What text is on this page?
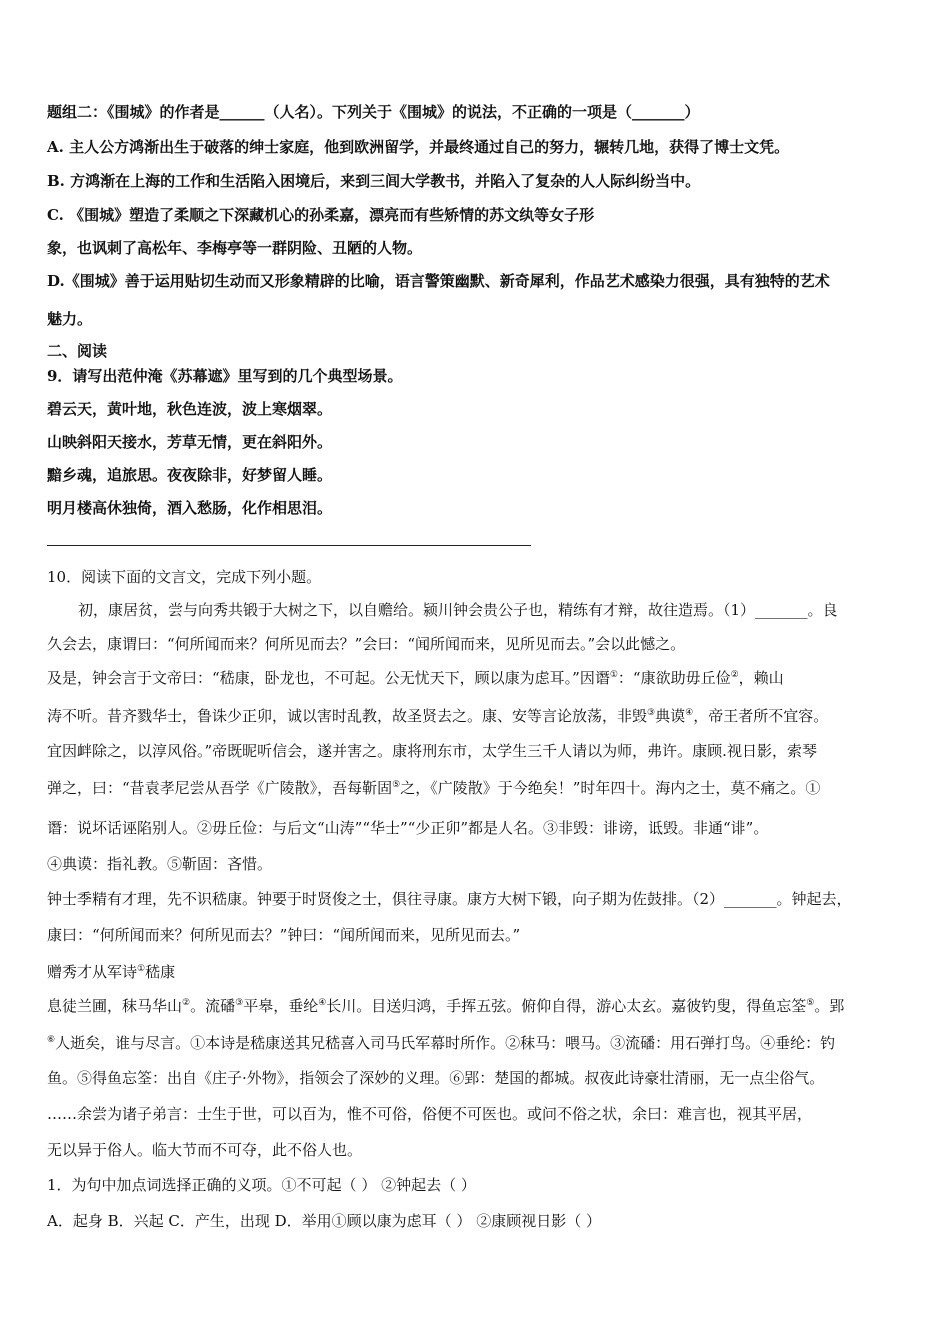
题组二：《围城》的作者是______（人名）。下列关于《围城》的说法，不正确的一项是（_______）
A. 主人公方鸿渐出生于破落的绅士家庭，他到欧洲留学，并最终通过自己的努力，辗转几地，获得了博士文凭。
B. 方鸿渐在上海的工作和生活陷入困境后，来到三闾大学教书，并陷入了复杂的人人际纠纷当中。
C. 《围城》塑造了柔顺之下深藏机心的孙柔嘉，漂亮而有些矫情的苏文纨等女子形
象，也讽刺了高松年、李梅亭等一群阴险、丑陋的人物。
D.《围城》善于运用贴切生动而又形象精辟的比喻，语言警策幽默、新奇犀利，作品艺术感染力很强，具有独特的艺术
魅力。
二、阅读
9．请写出范仲淹《苏幕遮》里写到的几个典型场景。
碧云天，黄叶地，秋色连波，波上寒烟翠。
山映斜阳天接水，芳草无情，更在斜阳外。
黯乡魂，追旅思。夜夜除非，好梦留人睡。
明月楼高休独倚，酒入愁肠，化作相思泪。
10．阅读下面的文言文，完成下列小题。
初，康居贫，尝与向秀共锻于大树之下，以自赡给。颍川钟会贵公子也，精练有才辩，故往造焉。（1）_______。良
久会去，康谓曰：“何所闻而来？何所见而去？”会曰：“闻所闻而来，见所见而去。”会以此憾之。
及是，钟会言于文帝曰：“嵇康，卧龙也，不可起。公无忧天下，顾以康为虑耳。”因谮①：“康欲助毋丘俭②，赖山
涛不听。昔齐戮华士，鲁诛少正卯，诚以害时乱教，故圣贤去之。康、安等言论放荡，非毁③典谟④，帝王者所不宜容。
宜因衅除之，以淳风俗。”帝既昵听信会，遂并害之。康将刑东市，太学生三千人请以为师，弗许。康顾.视日影，索琴
弹之，曰：“昔袁孝尼尝从吾学《广陵散》，吾每靳固⑤之，《广陵散》于今绝矣！”时年四十。海内之士，莫不痛之。①
谮：说坏话诬陷别人。②毋丘俭：与后文“山涛”“华士”“少正卯”都是人名。③非毁：诽谤，诋毁。非通“诽”。
④典谟：指礼教。⑤靳固：吝惜。
钟士季精有才理，先不识嵇康。钟要于时贤俊之士，俱往寻康。康方大树下锻，向子期为佐鼓排。（2）_______。钟起去，
康曰：“何所闻而来？何所见而去？”钟曰：“闻所闻而来，见所见而去。”
赠秀才从军诗①嵇康
息徒兰圃，秣马华山②。流磻③平皋，垂纶④长川。目送归鸿，手挥五弦。俯仰自得，游心太玄。嘉彼钓叟，得鱼忘筌⑤。郢
⑥人逝矣，谁与尽言。①本诗是嵇康送其兄嵇喜入司马氏军幕时所作。②秣马：喂马。③流磻：用石弹打鸟。④垂纶：钓
鱼。⑤得鱼忘筌：出自《庄子·外物》，指领会了深妙的义理。⑥郢：楚国的都城。叔夜此诗豪壮清丽，无一点尘俗气。
……余尝为诸子弟言：士生于世，可以百为，惟不可俗，俗便不可医也。或问不俗之状，余曰：难言也，视其平居，
无以异于俗人。临大节而不可夺，此不俗人也。
1．为句中加点词选择正确的义项。①不可起（ ） ②钟起去（ ）
A．起身 B．兴起 C．产生，出现 D．举用①顾以康为虑耳（ ） ②康顾视日影（ ）
